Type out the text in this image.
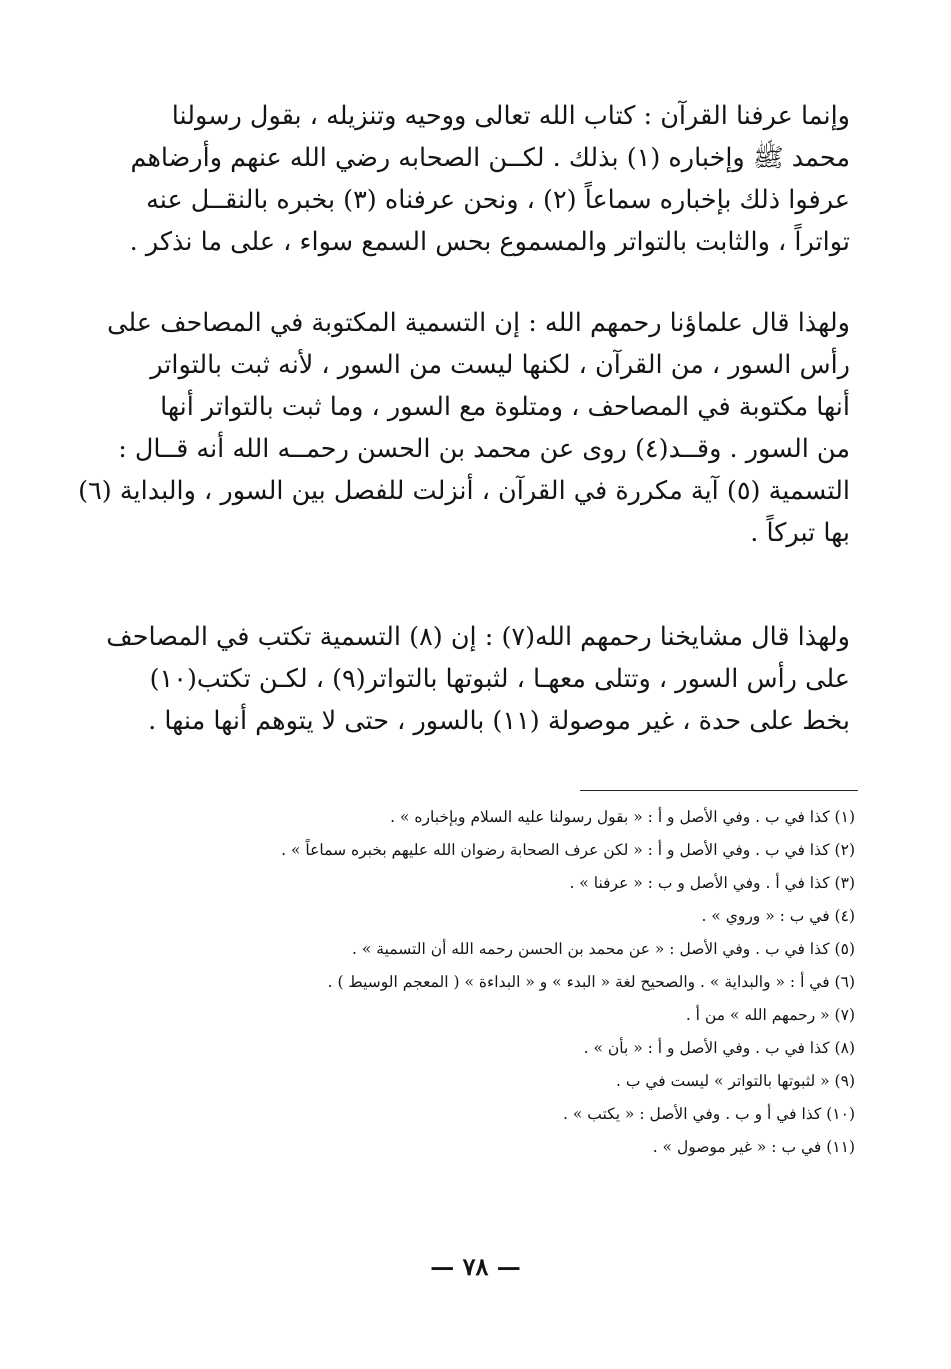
وإنما عرفنا القرآن : كتاب الله تعالى ووحيه وتنزيله ، بقول رسولنا
محمد ﷺ وإخباره (١) بذلك . لكــن الصحابه رضي الله عنهم وأرضاهم
عرفوا ذلك بإخباره سماعاً (٢) ، ونحن عرفناه (٣) بخبره بالنقــل عنه
تواتراً ، والثابت بالتواتر والمسموع بحس السمع سواء ، على ما نذكر .
ولهذا قال علماؤنا رحمهم الله : إن التسمية المكتوبة في المصاحف على
رأس السور ، من القرآن ، لكنها ليست من السور ، لأنه ثبت بالتواتر
أنها مكتوبة في المصاحف ، ومتلوة مع السور ، وما ثبت بالتواتر أنها
من السور . وقــد(٤) روى عن محمد بن الحسن رحمــه الله أنه قــال :
التسمية (٥) آية مكررة في القرآن ، أنزلت للفصل بين السور ، والبداية (٦)
بها تبركاً .
ولهذا قال مشايخنا رحمهم الله(٧) : إن (٨) التسمية تكتب في المصاحف
على رأس السور ، وتتلى معهـا ، لثبوتها بالتواتر(٩) ، لكـن تكتب(١٠)
بخط على حدة ، غير موصولة (١١) بالسور ، حتى لا يتوهم أنها منها .
(١) كذا في ب . وفي الأصل و أ : « بقول رسولنا عليه السلام وبإخباره » .
(٢) كذا في ب . وفي الأصل و أ : « لكن عرف الصحابة رضوان الله عليهم بخبره سماعاً » .
(٣) كذا في أ . وفي الأصل و ب : « عرفنا » .
(٤) في ب : « وروي » .
(٥) كذا في ب . وفي الأصل : « عن محمد بن الحسن رحمه الله أن التسمية » .
(٦) في أ : « والبداية » . والصحيح لغة « البدء » و « البداءة » ( المعجم الوسيط ) .
(٧) « رحمهم الله » من أ .
(٨) كذا في ب . وفي الأصل و أ : « بأن » .
(٩) « لثبوتها بالتواتر » ليست في ب .
(١٠) كذا في أ و ب . وفي الأصل : « يكتب » .
(١١) في ب : « غير موصول » .
— ٧٨ —
